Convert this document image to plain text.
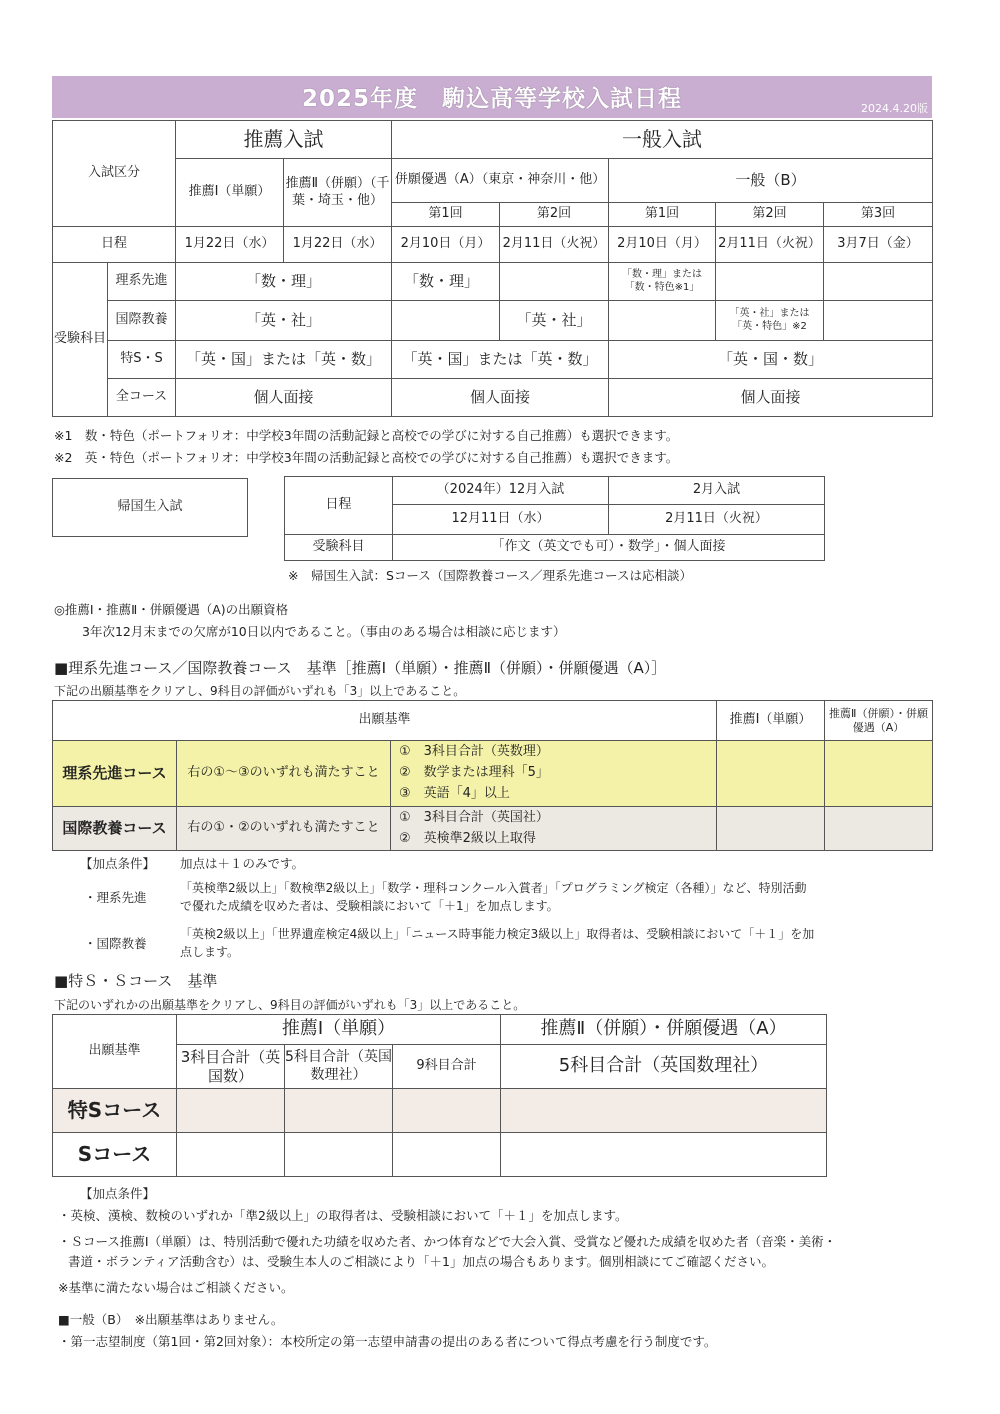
2025年度　駒込高等学校入試日程	2024.4.20版
入試区分		推薦入試		一般入試				
		推薦Ⅰ（単願）	推薦Ⅱ（併願）（千葉・埼玉・他）	併願優遇（A）（東京・神奈川・他）		一般（B）		
				第1回	第2回	第1回	第2回	第3回
日程		1月22日（水）	1月22日（水）	2月10日（月）	2月11日（火祝）	2月10日（月）	2月11日（火祝）	3月7日（金）
受験科目	理系先進	「数・理」		「数・理」		「数・理」または「数・特色※1」		
	国際教養	「英・社」			「英・社」		「英・社」または「英・特色」※2	
	特S・S	「英・国」または「英・数」		「英・国」または「英・数」		「英・国・数」		
	全コース	個人面接		個人面接		個人面接		
※1　数・特色（ポートフォリオ：中学校3年間の活動記録と高校での学びに対する自己推薦）も選択できます。
※2　英・特色（ポートフォリオ：中学校3年間の活動記録と高校での学びに対する自己推薦）も選択できます。
帰国生入試	日程	（2024年）12月入試	2月入試
	12月11日（水）	2月11日（火祝）
受験科目	「作文（英文でも可）・数学」・個人面接	
※　帰国生入試：Sコース（国際教養コース／理系先進コースは応相談）
◎推薦Ⅰ・推薦Ⅱ・併願優遇（A)の出願資格
3年次12月末までの欠席が10日以内であること。（事由のある場合は相談に応じます）
■理系先進コース／国際教養コース　基準［推薦Ⅰ（単願）・推薦Ⅱ（併願）・併願優遇（A）］
下記の出願基準をクリアし、9科目の評価がいずれも「3」以上であること。
出願基準			推薦Ⅰ（単願）	推薦Ⅱ（併願）・併願優遇（A）
理系先進コース	右の①～③のいずれも満たすこと	①　3科目合計（英数理）
②　数学または理科「5」
③　英語「4」以上		

国際教養コース	右の①・②のいずれも満たすこと	①　3科目合計（英国社）
②　英検準2級以上取得		

【加点条件】 加点は＋１のみです。
・理系先進
「英検準2級以上」「数検準2級以上」「数学・理科コンクール入賞者」「プログラミング検定（各種）」など、特別活動
で優れた成績を収めた者は、受験相談において「＋1」を加点します。
・国際教養
「英検2級以上」「世界遺産検定4級以上」「ニュース時事能力検定3級以上」取得者は、受験相談において「＋１」を加
点します。
■特Ｓ・Ｓコース　基準
下記のいずれかの出願基準をクリアし、9科目の評価がいずれも「3」以上であること。
出願基準	推薦Ⅰ（単願）			推薦Ⅱ（併願）・併願優遇（A）
	3科目合計（英国数）	5科目合計（英国数理社）	9科目合計	5科目合計（英国数理社）
特Sコース				
Sコース				
【加点条件】
・英検、漢検、数検のいずれか「準2級以上」の取得者は、受験相談において「＋１」を加点します。
・Ｓコース推薦Ⅰ（単願）は、特別活動で優れた功績を収めた者、かつ体育などで大会入賞、受賞など優れた成績を収めた者（音楽・美術・
書道・ボランティア活動含む）は、受験生本人のご相談により「＋1」加点の場合もあります。個別相談にてご確認ください。
※基準に満たない場合はご相談ください。
■一般（B）　※出願基準はありません。
・第一志望制度（第1回・第2回対象）：本校所定の第一志望申請書の提出のある者について得点考慮を行う制度です。
